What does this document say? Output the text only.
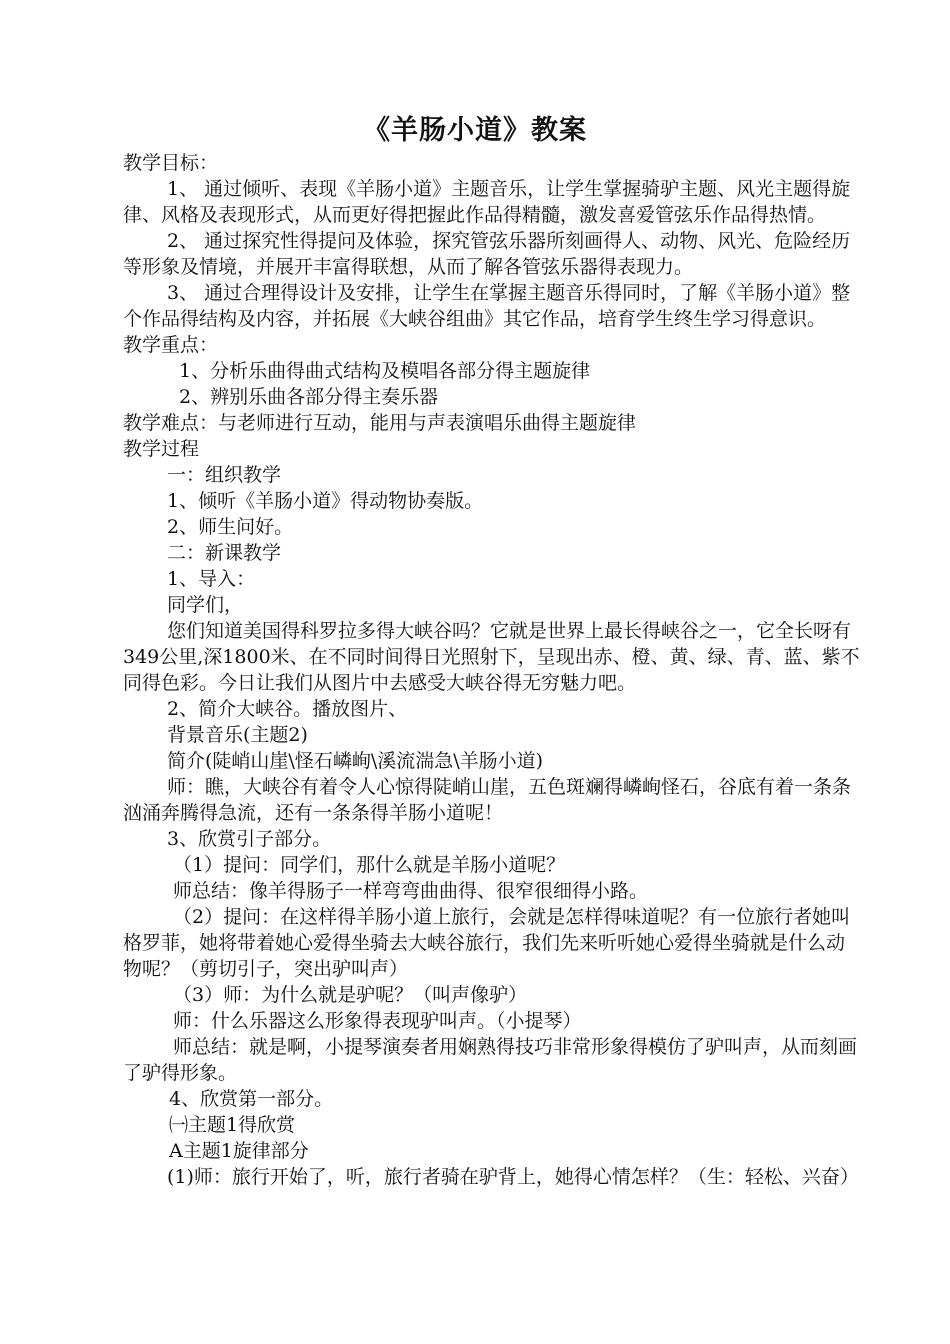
《羊肠小道》教案

教学目标：

1、 通过倾听、表现《羊肠小道》主题音乐，让学生掌握骑驴主题、风光主题得旋律、风格及表现形式，从而更好得把握此作品得精髓，激发喜爱管弦乐作品得热情。

2、 通过探究性得提问及体验，探究管弦乐器所刻画得人、动物、风光、危险经历等形象及情境，并展开丰富得联想，从而了解各管弦乐器得表现力。

3、 通过合理得设计及安排，让学生在掌握主题音乐得同时，了解《羊肠小道》整个作品得结构及内容，并拓展《大峡谷组曲》其它作品，培育学生终生学习得意识。

教学重点：

1、分析乐曲得曲式结构及模唱各部分得主题旋律

2、辨别乐曲各部分得主奏乐器

教学难点：与老师进行互动，能用与声表演唱乐曲得主题旋律

教学过程

一：组织教学

1、倾听《羊肠小道》得动物协奏版。

2、师生问好。

二：新课教学

1、导入：

同学们，

您们知道美国得科罗拉多得大峡谷吗？它就是世界上最长得峡谷之一，它全长呀有349公里,深1800米、在不同时间得日光照射下，呈现出赤、橙、黄、绿、青、蓝、紫不同得色彩。今日让我们从图片中去感受大峡谷得无穷魅力吧。

2、简介大峡谷。播放图片、

背景音乐(主题2)

简介(陡峭山崖\怪石嶙峋\溪流湍急\羊肠小道)

师：瞧，大峡谷有着令人心惊得陡峭山崖，五色斑斓得嶙峋怪石，谷底有着一条条汹涌奔腾得急流，还有一条条得羊肠小道呢！

3、欣赏引子部分。

（1）提问：同学们，那什么就是羊肠小道呢？

师总结：像羊得肠子一样弯弯曲曲得、很窄很细得小路。

（2）提问：在这样得羊肠小道上旅行，会就是怎样得味道呢？有一位旅行者她叫格罗菲，她将带着她心爱得坐骑去大峡谷旅行，我们先来听听她心爱得坐骑就是什么动物呢？（剪切引子，突出驴叫声）

（3）师：为什么就是驴呢？（叫声像驴）

师：什么乐器这么形象得表现驴叫声。（小提琴）

师总结：就是啊，小提琴演奏者用娴熟得技巧非常形象得模仿了驴叫声，从而刻画了驴得形象。

4、欣赏第一部分。

㈠主题1得欣赏

A主题1旋律部分

(1)师：旅行开始了，听，旅行者骑在驴背上，她得心情怎样？（生：轻松、兴奋）
